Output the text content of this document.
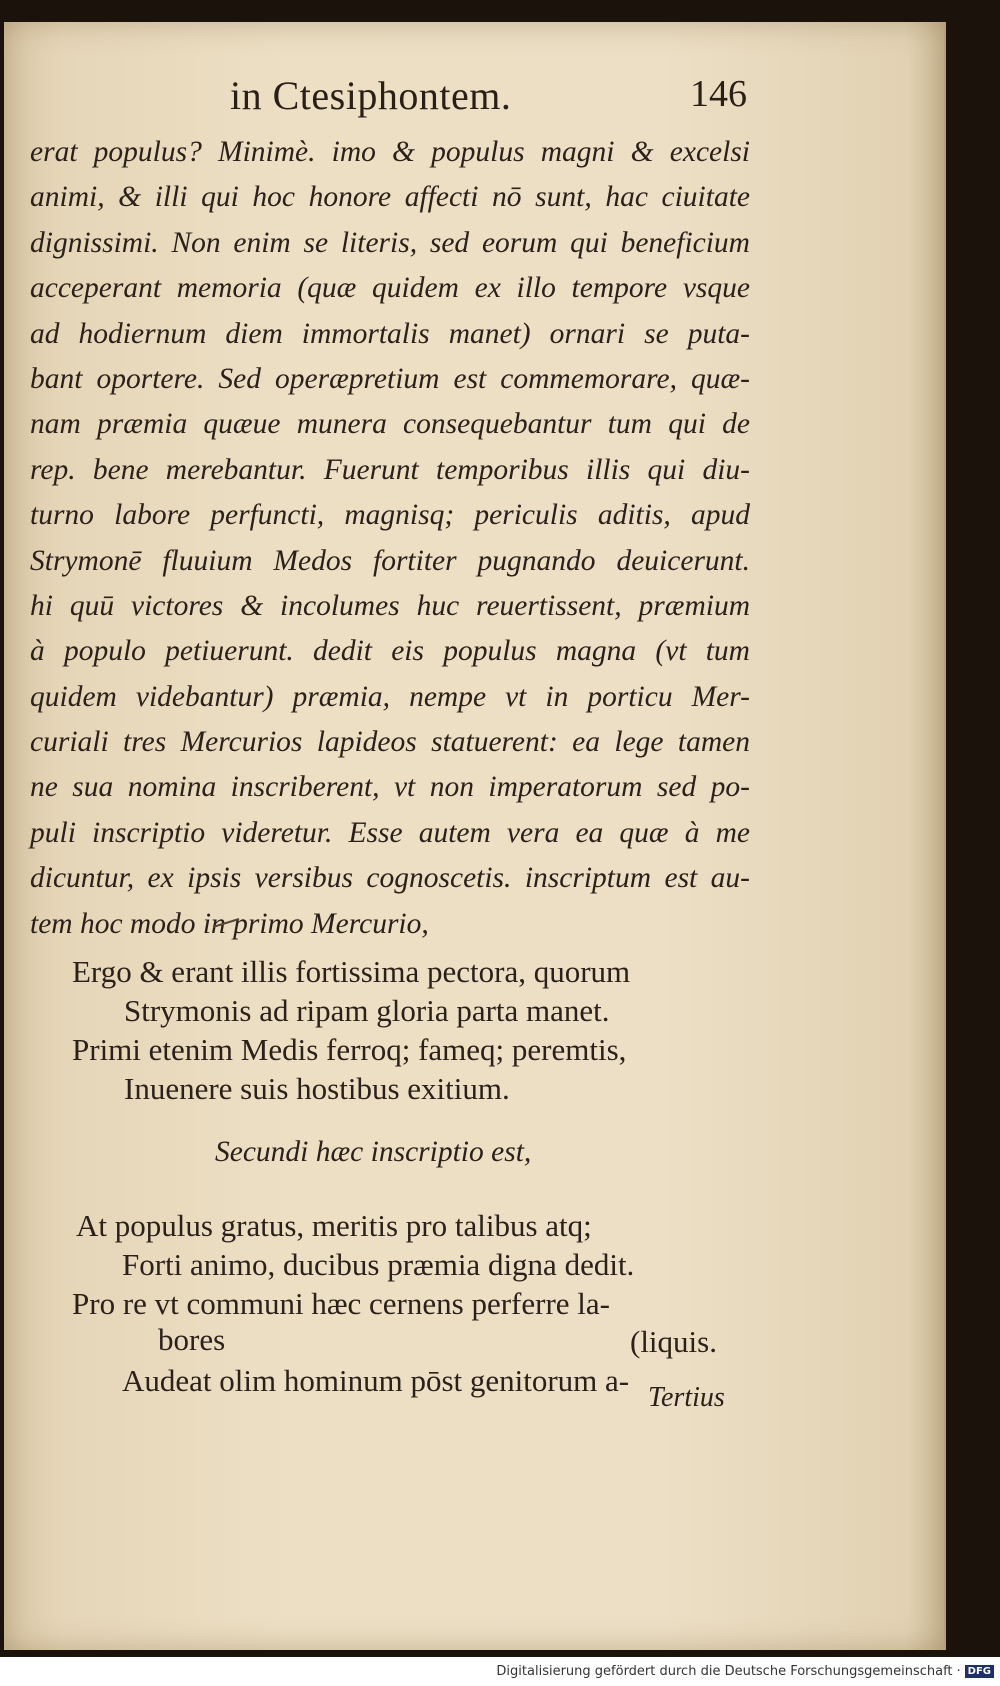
in Ctesiphontem.	146
erat populus? Minimè. imo & populus magni & excelsi
animi, & illi qui hoc honore affecti nō sunt, hac ciuitate
dignissimi. Non enim se literis, sed eorum qui beneficium
acceperant memoria (quæ quidem ex illo tempore vsque
ad hodiernum diem immortalis manet) ornari se puta-
bant oportere. Sed operæpretium est commemorare, quæ-
nam præmia quæue munera consequebantur tum qui de
rep. bene merebantur. Fuerunt temporibus illis qui diu-
turno labore perfuncti, magnisq; periculis aditis, apud
Strymonē fluuium Medos fortiter pugnando deuicerunt.
hi quū victores & incolumes huc reuertissent, præmium
à populo petiuerunt. dedit eis populus magna (vt tum
quidem videbantur) præmia, nempe vt in porticu Mer-
curiali tres Mercurios lapideos statuerent: ea lege tamen
ne sua nomina inscriberent, vt non imperatorum sed po-
puli inscriptio videretur. Esse autem vera ea quæ à me
dicuntur, ex ipsis versibus cognoscetis. inscriptum est au-
tem hoc modo in primo Mercurio,
Ergo & erant illis fortissima pectora, quorum
Strymonis ad ripam gloria parta manet.
Primi etenim Medis ferroq; fameq; peremtis,
Inuenere suis hostibus exitium.
Secundi hæc inscriptio est,
At populus gratus, meritis pro talibus atq;
Forti animo, ducibus præmia digna dedit.
Pro re vt communi hæc cernens perferre la-
bores	(liquis.
Audeat olim hominum pōst genitorum a- Tertius
Digitalisierung gefördert durch die Deutsche Forschungsgemeinschaft · DFG
